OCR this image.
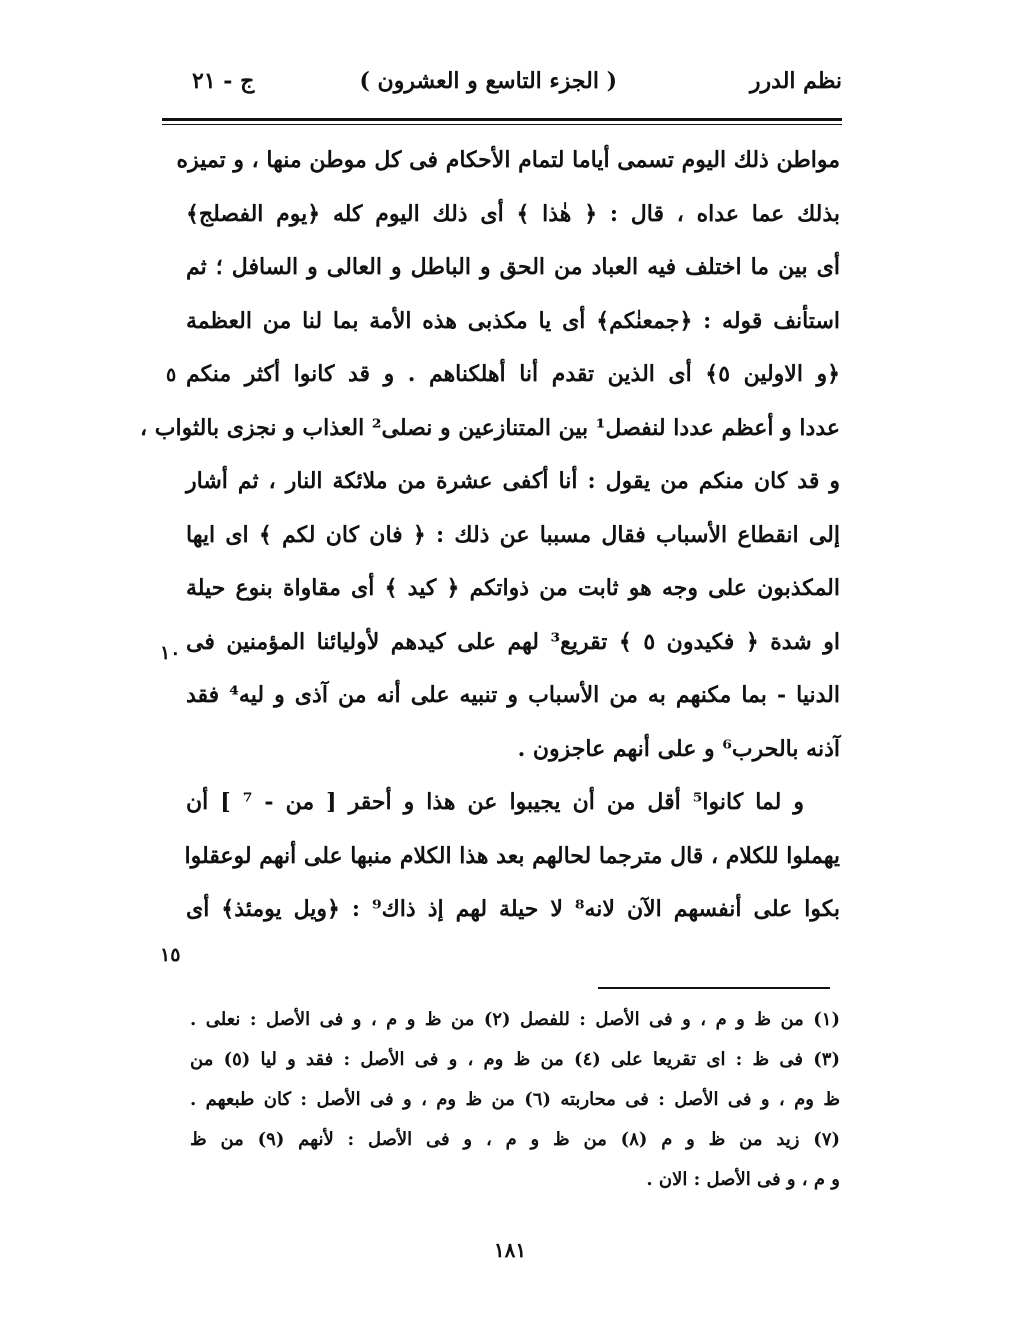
نظم الدرر
( الجزء التاسع و العشرون )
ج - ٢١
مواطن ذلك اليوم تسمى أياما لتمام الأحكام فى كل موطن منها ، و تميزه
بذلك عما عداه ، قال : ﴿ هٰذا ﴾ أى ذلك اليوم كله ﴿يوم الفصلج﴾
أى بين ما اختلف فيه العباد من الحق و الباطل و العالى و السافل ؛ ثم
استأنف قوله : ﴿جمعنٰكم﴾ أى يا مكذبى هذه الأمة بما لنا من العظمة
﴿و الاولين ٥﴾ أى الذين تقدم أنا أهلكناهم . و قد كانوا أكثر منكم
عددا و أعظم عددا لنفصل¹ بين المتنازعين و نصلى² العذاب و نجزى بالثواب ،
و قد كان منكم من يقول : أنا أكفى عشرة من ملائكة النار ، ثم أشار
إلى انقطاع الأسباب فقال مسببا عن ذلك : ﴿ فان كان لكم ﴾ اى ايها
المكذبون على وجه هو ثابت من ذواتكم ﴿ كيد ﴾ أى مقاواة بنوع حيلة
او شدة ﴿ فكيدون ٥ ﴾ تقريع³ لهم على كيدهم لأوليائنا المؤمنين فى
الدنيا - بما مكنهم به من الأسباب و تنبيه على أنه من آذى و ليه⁴ فقد
آذنه بالحرب⁶ و على أنهم عاجزون .
و لما كانوا⁵ أقل من أن يجيبوا عن هذا و أحقر [ من - ⁷ ] أن
يهملوا للكلام ، قال مترجما لحالهم بعد هذا الكلام منبها على أنهم لوعقلوا
بكوا على أنفسهم الآن لانه⁸ لا حيلة لهم إذ ذاك⁹ : ﴿ويل يومئذ﴾ أى
٥
١٠
١٥
(١) من ظ و م ، و فى الأصل : للفصل (٢) من ظ و م ، و فى الأصل : نعلى .
(٣) فى ظ : اى تقريعا على (٤) من ظ وم ، و فى الأصل : فقد و ليا (٥) من
ظ وم ، و فى الأصل : فى محاربته (٦) من ظ وم ، و فى الأصل : كان طبعهم .
(٧) زيد من ظ و م (٨) من ظ و م ، و فى الأصل : لأنهم (٩) من ظ
و م ، و فى الأصل : الان .
١٨١
